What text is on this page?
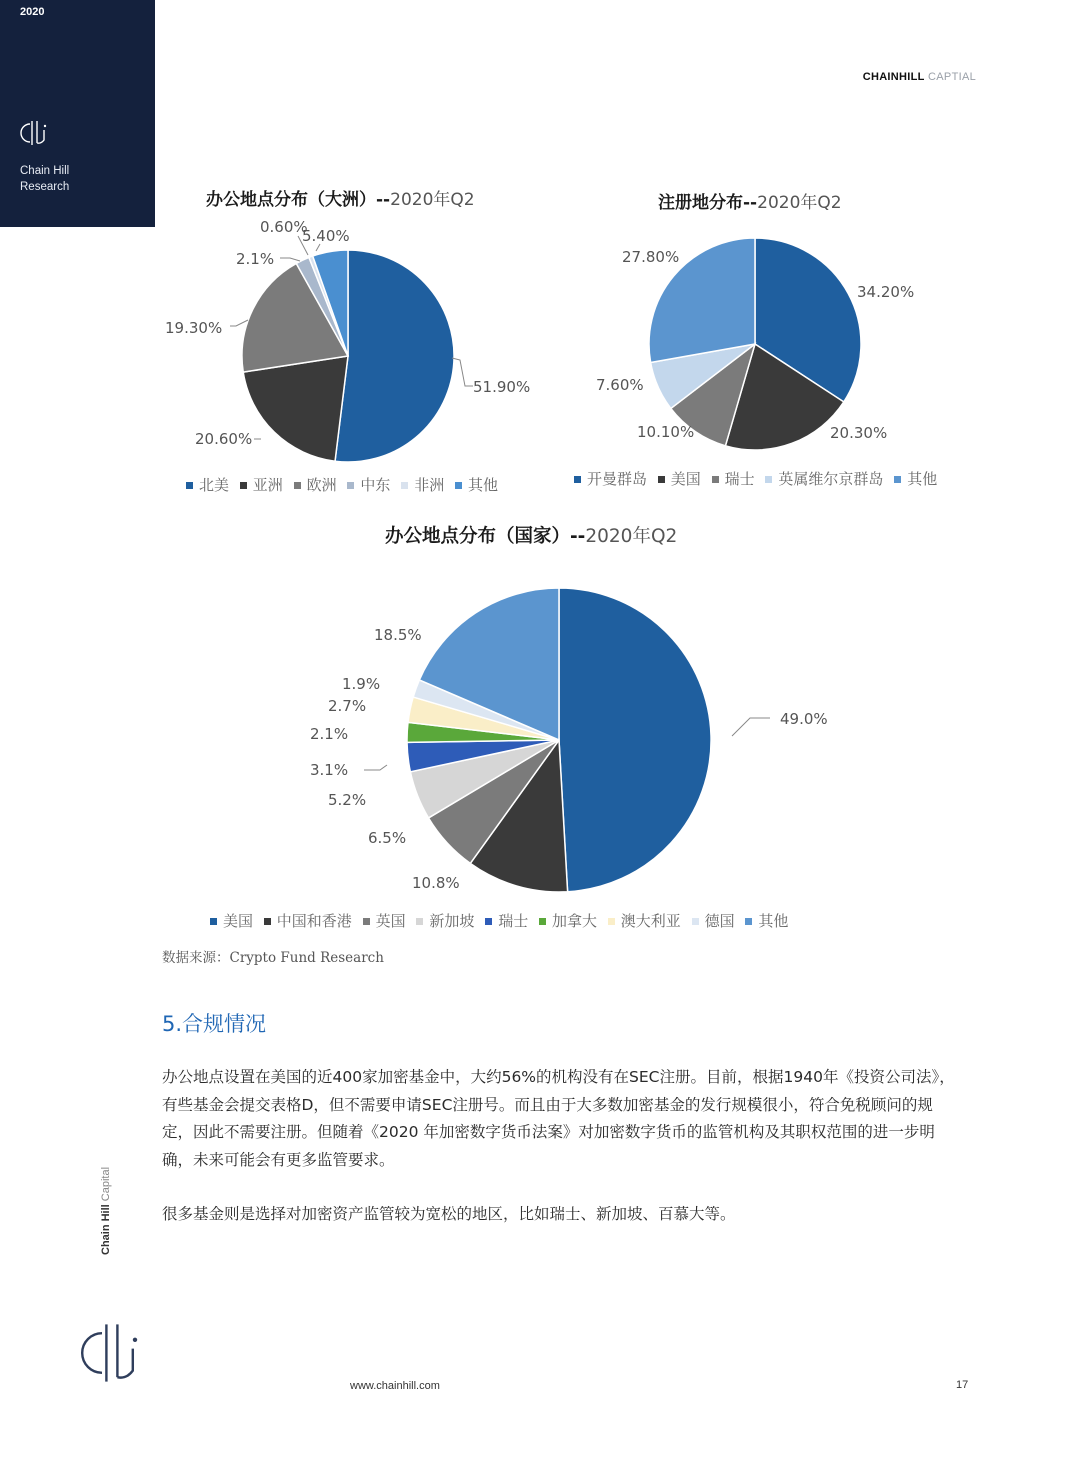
2020
Chain Hill
Research
CHAINHILL CAPTIAL
办公地点分布（大洲）--2020年Q2
51.90%
20.60%
19.30%
2.1%
0.60%
5.40%
北美 亚洲 欧洲 中东 非洲 其他
注册地分布--2020年Q2
34.20%
20.30%
10.10%
7.60%
27.80%
开曼群岛 美国 瑞士 英属维尔京群岛 其他
办公地点分布（国家）--2020年Q2
49.0%
10.8%
6.5%
5.2%
3.1%
2.1%
2.7%
1.9%
18.5%
美国 中国和香港 英国 新加坡 瑞士 加拿大 澳大利亚 德国 其他
数据来源：Crypto Fund Research
5.合规情况
办公地点设置在美国的近400家加密基金中，大约56%的机构没有在SEC注册。目前，根据1940年《投资公司法》，有些基金会提交表格D，但不需要申请SEC注册号。而且由于大多数加密基金的发行规模很小，符合免税顾问的规定，因此不需要注册。但随着《2020 年加密数字货币法案》对加密数字货币的监管机构及其职权范围的进一步明确，未来可能会有更多监管要求。
很多基金则是选择对加密资产监管较为宽松的地区，比如瑞士、新加坡、百慕大等。
Chain Hill Capital
www.chainhill.com	17
